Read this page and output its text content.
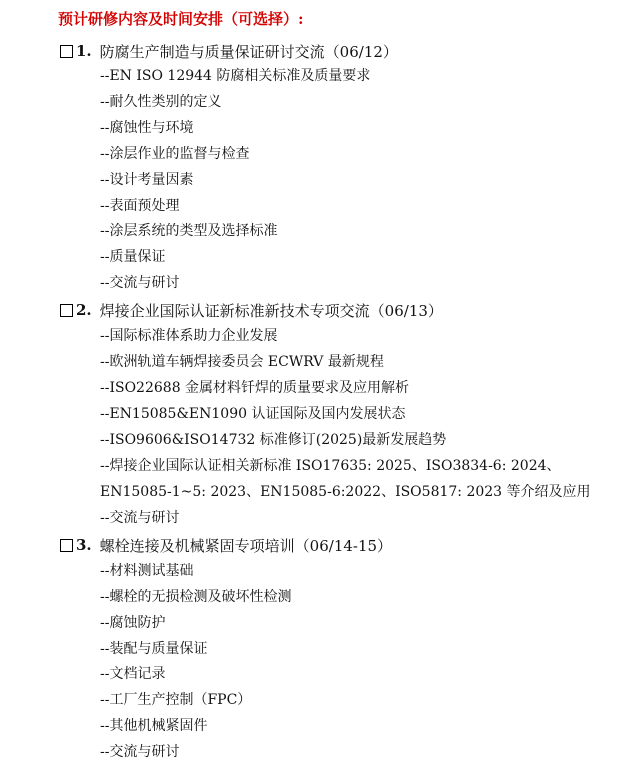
预计研修内容及时间安排（可选择）:
1. 防腐生产制造与质量保证研讨交流（06/12）
--EN ISO 12944 防腐相关标准及质量要求
--耐久性类别的定义
--腐蚀性与环境
--涂层作业的监督与检查
--设计考量因素
--表面预处理
--涂层系统的类型及选择标准
--质量保证
--交流与研讨
2. 焊接企业国际认证新标准新技术专项交流（06/13）
--国际标准体系助力企业发展
--欧洲轨道车辆焊接委员会 ECWRV 最新规程
--ISO22688 金属材料钎焊的质量要求及应用解析
--EN15085&EN1090 认证国际及国内发展状态
--ISO9606&ISO14732 标准修订(2025)最新发展趋势
--焊接企业国际认证相关新标准 ISO17635: 2025、ISO3834-6: 2024、
EN15085-1~5: 2023、EN15085-6:2022、ISO5817: 2023 等介绍及应用
--交流与研讨
3. 螺栓连接及机械紧固专项培训（06/14-15）
--材料测试基础
--螺栓的无损检测及破坏性检测
--腐蚀防护
--装配与质量保证
--文档记录
--工厂生产控制（FPC）
--其他机械紧固件
--交流与研讨
